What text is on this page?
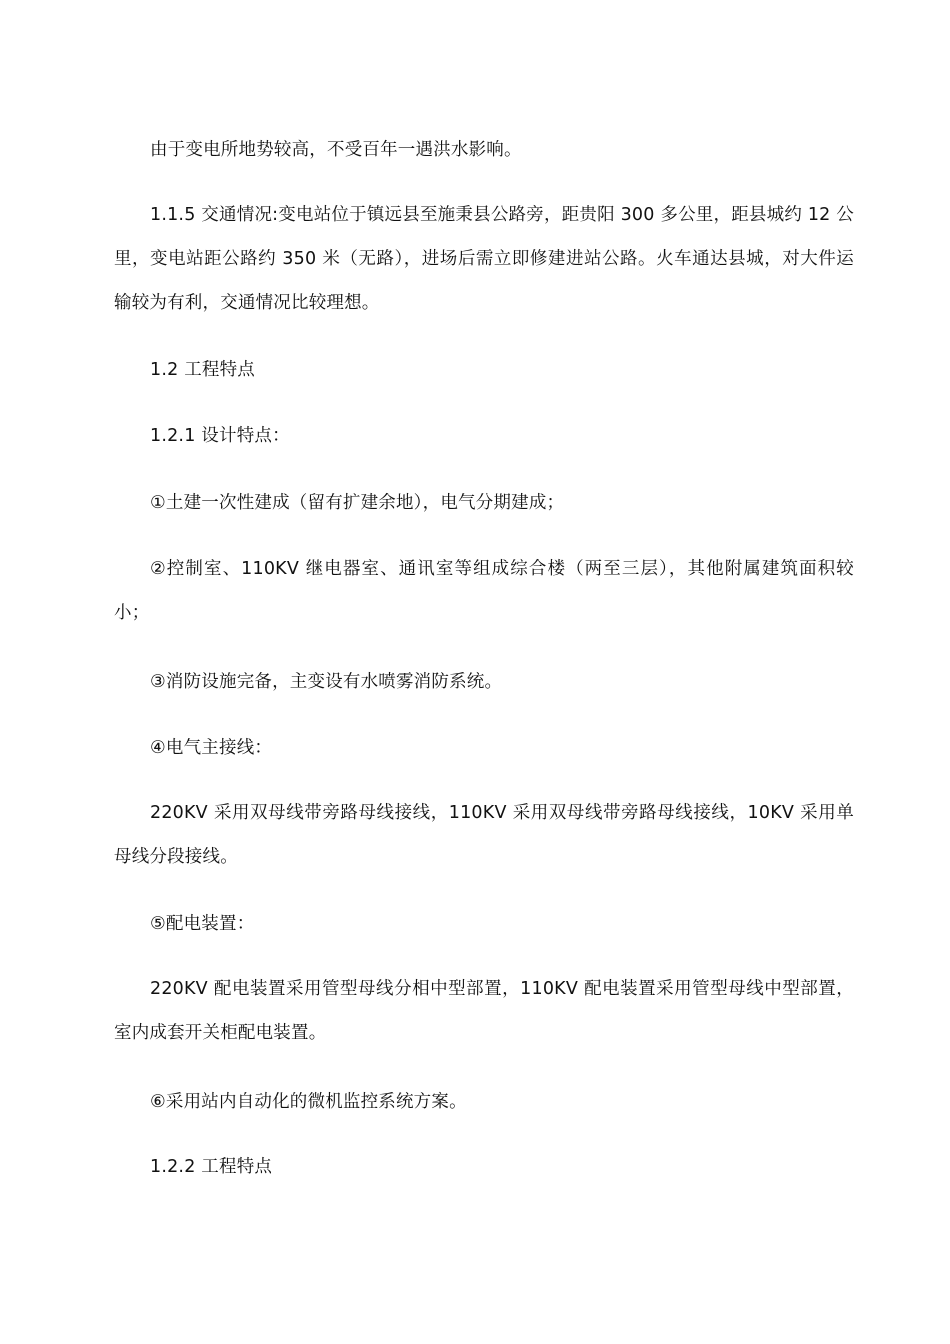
由于变电所地势较高，不受百年一遇洪水影响。

1.1.5 交通情况:变电站位于镇远县至施秉县公路旁，距贵阳 300 多公里，距县城约 12 公里，变电站距公路约 350 米（无路），进场后需立即修建进站公路。火车通达县城，对大件运输较为有利，交通情况比较理想。

1.2 工程特点

1.2.1 设计特点：

①土建一次性建成（留有扩建余地），电气分期建成；

②控制室、110KV 继电器室、通讯室等组成综合楼（两至三层），其他附属建筑面积较小；

③消防设施完备，主变设有水喷雾消防系统。

④电气主接线：

220KV 采用双母线带旁路母线接线，110KV 采用双母线带旁路母线接线，10KV 采用单母线分段接线。

⑤配电装置：

220KV 配电装置采用管型母线分相中型部置，110KV 配电装置采用管型母线中型部置，室内成套开关柜配电装置。

⑥采用站内自动化的微机监控系统方案。

1.2.2 工程特点
